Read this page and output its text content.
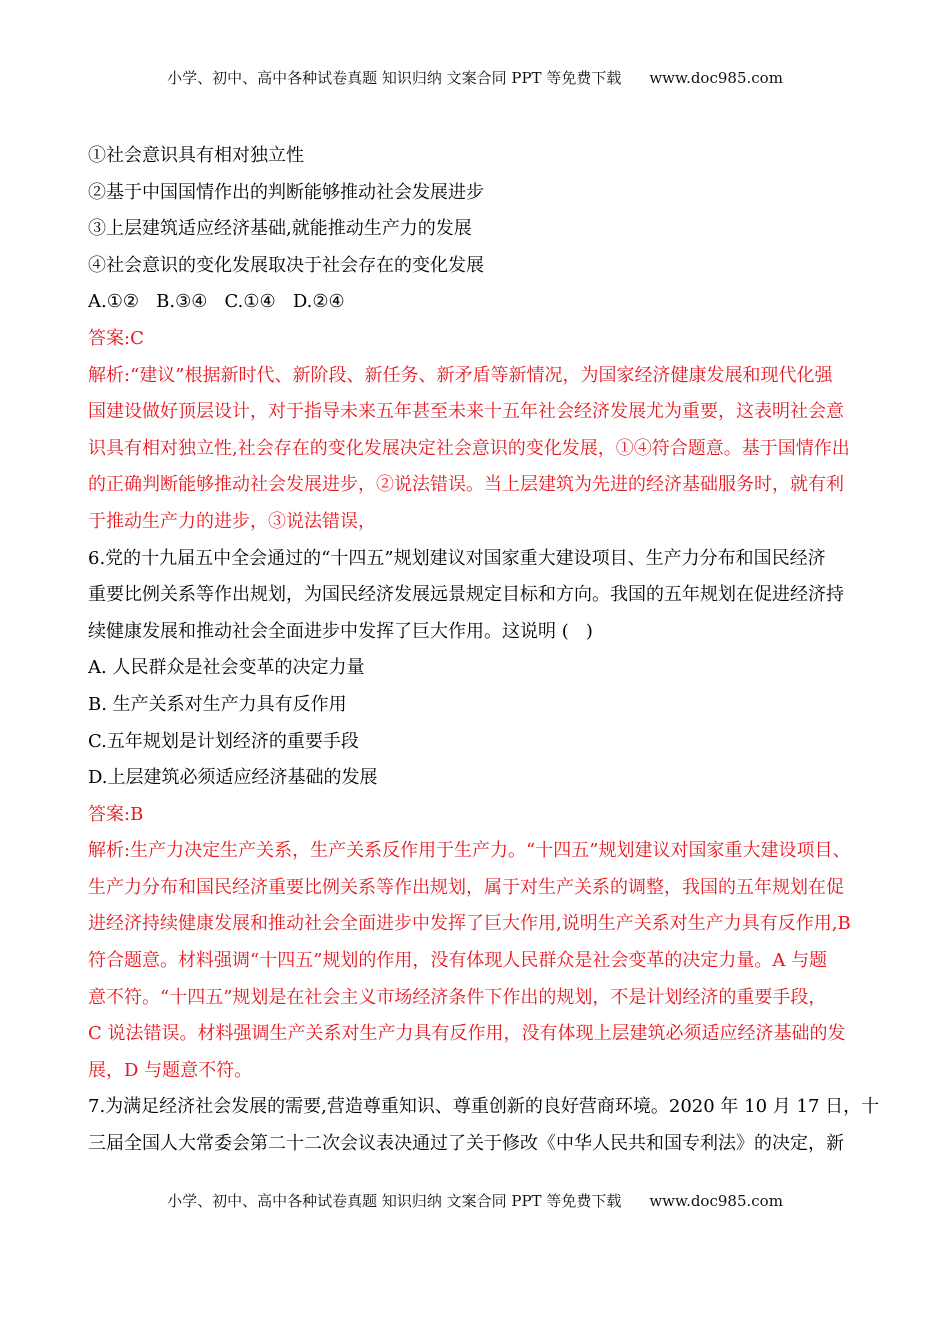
小学、初中、高中各种试卷真题 知识归纳 文案合同 PPT 等免费下载 www.doc985.com
①社会意识具有相对独立性
②基于中国国情作出的判断能够推动社会发展进步
③上层建筑适应经济基础,就能推动生产力的发展
④社会意识的变化发展取决于社会存在的变化发展
A.①②   B.③④   C.①④   D.②④
答案:C
解析:“建议”根据新时代、新阶段、新任务、新矛盾等新情况，为国家经济健康发展和现代化强
国建设做好顶层设计，对于指导未来五年甚至未来十五年社会经济发展尤为重要，这表明社会意
识具有相对独立性,社会存在的变化发展决定社会意识的变化发展，①④符合题意。基于国情作出
的正确判断能够推动社会发展进步，②说法错误。当上层建筑为先进的经济基础服务时，就有利
于推动生产力的进步，③说法错误，
6.党的十九届五中全会通过的“十四五”规划建议对国家重大建设项目、生产力分布和国民经济
重要比例关系等作出规划，为国民经济发展远景规定目标和方向。我国的五年规划在促进经济持
续健康发展和推动社会全面进步中发挥了巨大作用。这说明 (   )
A. 人民群众是社会变革的决定力量
B. 生产关系对生产力具有反作用
C.五年规划是计划经济的重要手段
D.上层建筑必须适应经济基础的发展
答案:B
解析:生产力决定生产关系，生产关系反作用于生产力。“十四五”规划建议对国家重大建设项目、
生产力分布和国民经济重要比例关系等作出规划，属于对生产关系的调整，我国的五年规划在促
进经济持续健康发展和推动社会全面进步中发挥了巨大作用,说明生产关系对生产力具有反作用,B
符合题意。材料强调“十四五”规划的作用，没有体现人民群众是社会变革的决定力量。A 与题
意不符。“十四五”规划是在社会主义市场经济条件下作出的规划，不是计划经济的重要手段，
C 说法错误。材料强调生产关系对生产力具有反作用，没有体现上层建筑必须适应经济基础的发
展，D 与题意不符。
7.为满足经济社会发展的需要,营造尊重知识、尊重创新的良好营商环境。2020 年 10 月 17 日，十
三届全国人大常委会第二十二次会议表决通过了关于修改《中华人民共和国专利法》的决定，新
小学、初中、高中各种试卷真题 知识归纳 文案合同 PPT 等免费下载 www.doc985.com
